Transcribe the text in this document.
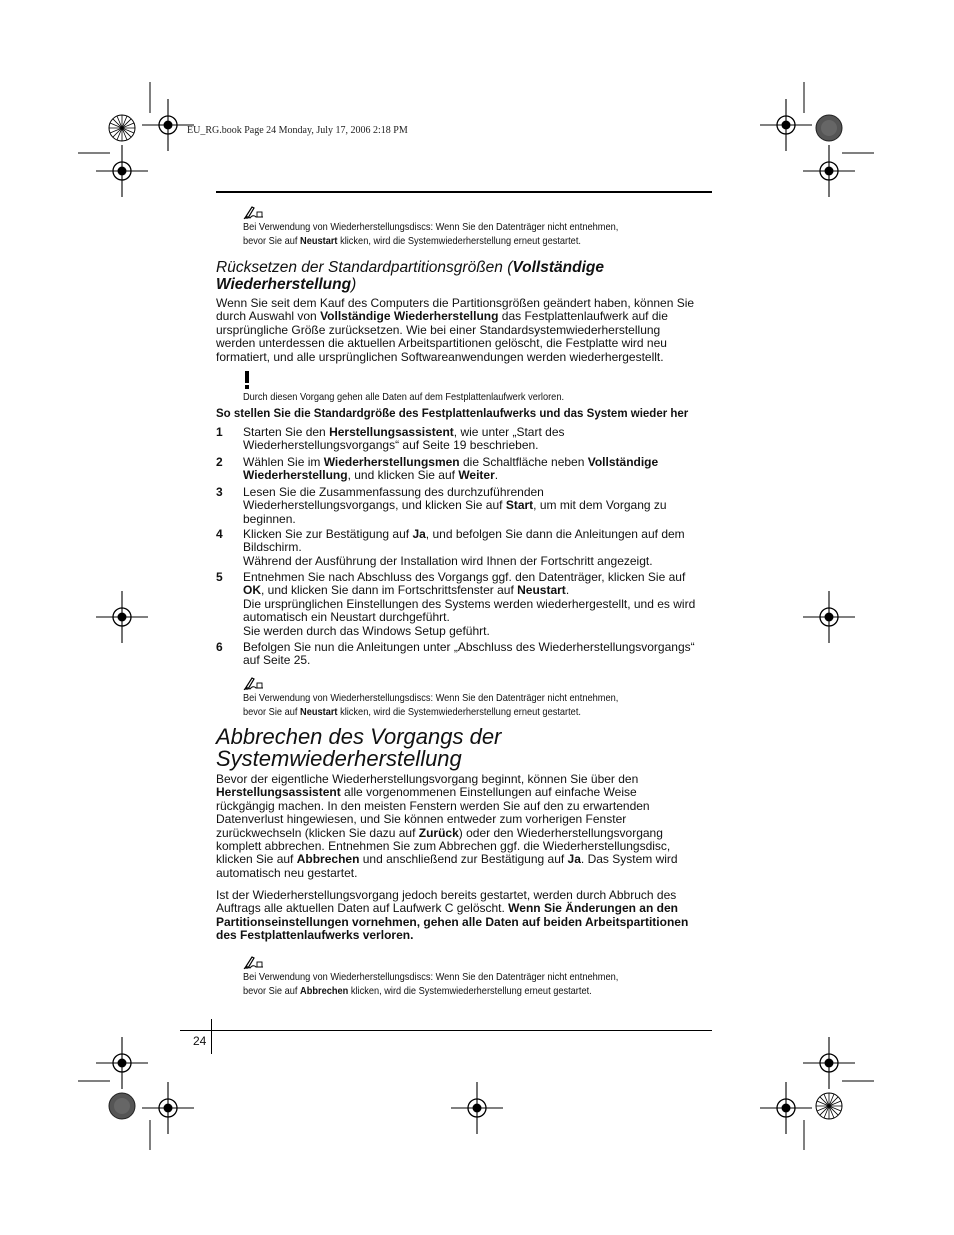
EU_RG.book Page 24 Monday, July 17, 2006 2:18 PM
Bei Verwendung von Wiederherstellungsdiscs: Wenn Sie den Datenträger nicht entnehmen,
bevor Sie auf Neustart klicken, wird die Systemwiederherstellung erneut gestartet.
Rücksetzen der Standardpartitionsgrößen (Vollständige
Wiederherstellung)
Wenn Sie seit dem Kauf des Computers die Partitionsgrößen geändert haben, können Sie
durch Auswahl von Vollständige Wiederherstellung das Festplattenlaufwerk auf die
ursprüngliche Größe zurücksetzen. Wie bei einer Standardsystemwiederherstellung
werden unterdessen die aktuellen Arbeitspartitionen gelöscht, die Festplatte wird neu
formatiert, und alle ursprünglichen Softwareanwendungen werden wiederhergestellt.
Durch diesen Vorgang gehen alle Daten auf dem Festplattenlaufwerk verloren.
So stellen Sie die Standardgröße des Festplattenlaufwerks und das System wieder her
1	Starten Sie den Herstellungsassistent, wie unter „Start des
Wiederherstellungsvorgangs“ auf Seite 19 beschrieben.
2	Wählen Sie im Wiederherstellungsmen die Schaltfläche neben Vollständige
Wiederherstellung, und klicken Sie auf Weiter.
3	Lesen Sie die Zusammenfassung des durchzuführenden
Wiederherstellungsvorgangs, und klicken Sie auf Start, um mit dem Vorgang zu
beginnen.
4	Klicken Sie zur Bestätigung auf Ja, und befolgen Sie dann die Anleitungen auf dem
Bildschirm.
Während der Ausführung der Installation wird Ihnen der Fortschritt angezeigt.
5	Entnehmen Sie nach Abschluss des Vorgangs ggf. den Datenträger, klicken Sie auf
OK, und klicken Sie dann im Fortschrittsfenster auf Neustart.
Die ursprünglichen Einstellungen des Systems werden wiederhergestellt, und es wird
automatisch ein Neustart durchgeführt.
Sie werden durch das Windows Setup geführt.
6	Befolgen Sie nun die Anleitungen unter „Abschluss des Wiederherstellungsvorgangs“
auf Seite 25.
Bei Verwendung von Wiederherstellungsdiscs: Wenn Sie den Datenträger nicht entnehmen,
bevor Sie auf Neustart klicken, wird die Systemwiederherstellung erneut gestartet.
Abbrechen des Vorgangs der
Systemwiederherstellung
Bevor der eigentliche Wiederherstellungsvorgang beginnt, können Sie über den
Herstellungsassistent alle vorgenommenen Einstellungen auf einfache Weise
rückgängig machen. In den meisten Fenstern werden Sie auf den zu erwartenden
Datenverlust hingewiesen, und Sie können entweder zum vorherigen Fenster
zurückwechseln (klicken Sie dazu auf Zurück) oder den Wiederherstellungsvorgang
komplett abbrechen. Entnehmen Sie zum Abbrechen ggf. die Wiederherstellungsdisc,
klicken Sie auf Abbrechen und anschließend zur Bestätigung auf Ja. Das System wird
automatisch neu gestartet.
Ist der Wiederherstellungsvorgang jedoch bereits gestartet, werden durch Abbruch des
Auftrags alle aktuellen Daten auf Laufwerk C gelöscht. Wenn Sie Änderungen an den
Partitionseinstellungen vornehmen, gehen alle Daten auf beiden Arbeitspartitionen
des Festplattenlaufwerks verloren.
Bei Verwendung von Wiederherstellungsdiscs: Wenn Sie den Datenträger nicht entnehmen,
bevor Sie auf Abbrechen klicken, wird die Systemwiederherstellung erneut gestartet.
24
